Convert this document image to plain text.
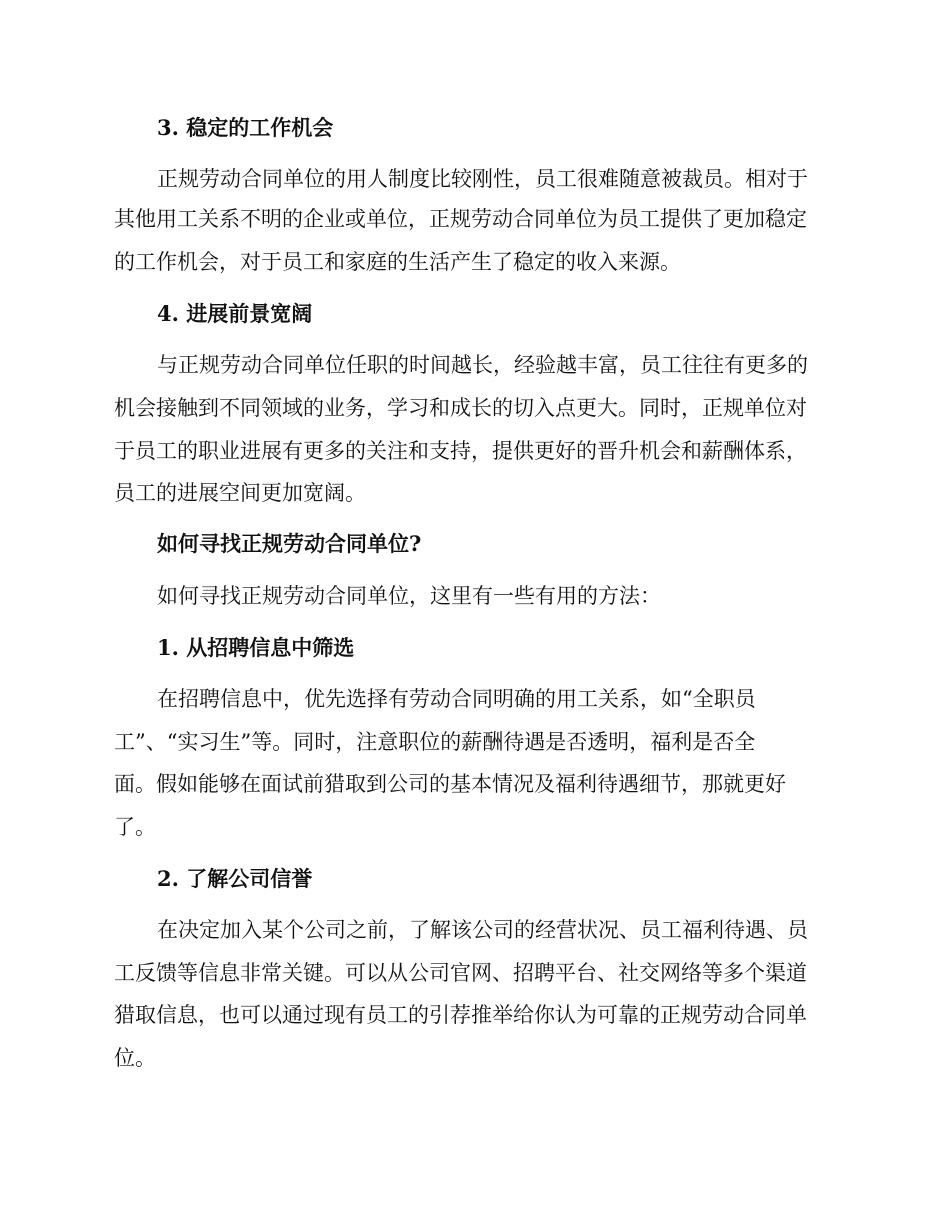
3. 稳定的工作机会
正规劳动合同单位的用人制度比较刚性，员工很难随意被裁员。相对于
其他用工关系不明的企业或单位，正规劳动合同单位为员工提供了更加稳定
的工作机会，对于员工和家庭的生活产生了稳定的收入来源。
4. 进展前景宽阔
与正规劳动合同单位任职的时间越长，经验越丰富，员工往往有更多的
机会接触到不同领域的业务，学习和成长的切入点更大。同时，正规单位对
于员工的职业进展有更多的关注和支持，提供更好的晋升机会和薪酬体系，
员工的进展空间更加宽阔。
如何寻找正规劳动合同单位?
如何寻找正规劳动合同单位，这里有一些有用的方法：
1. 从招聘信息中筛选
在招聘信息中，优先选择有劳动合同明确的用工关系，如“全职员
工”、“实习生”等。同时，注意职位的薪酬待遇是否透明，福利是否全
面。假如能够在面试前猎取到公司的基本情况及福利待遇细节，那就更好
了。
2. 了解公司信誉
在决定加入某个公司之前，了解该公司的经营状况、员工福利待遇、员
工反馈等信息非常关键。可以从公司官网、招聘平台、社交网络等多个渠道
猎取信息，也可以通过现有员工的引荐推举给你认为可靠的正规劳动合同单
位。
